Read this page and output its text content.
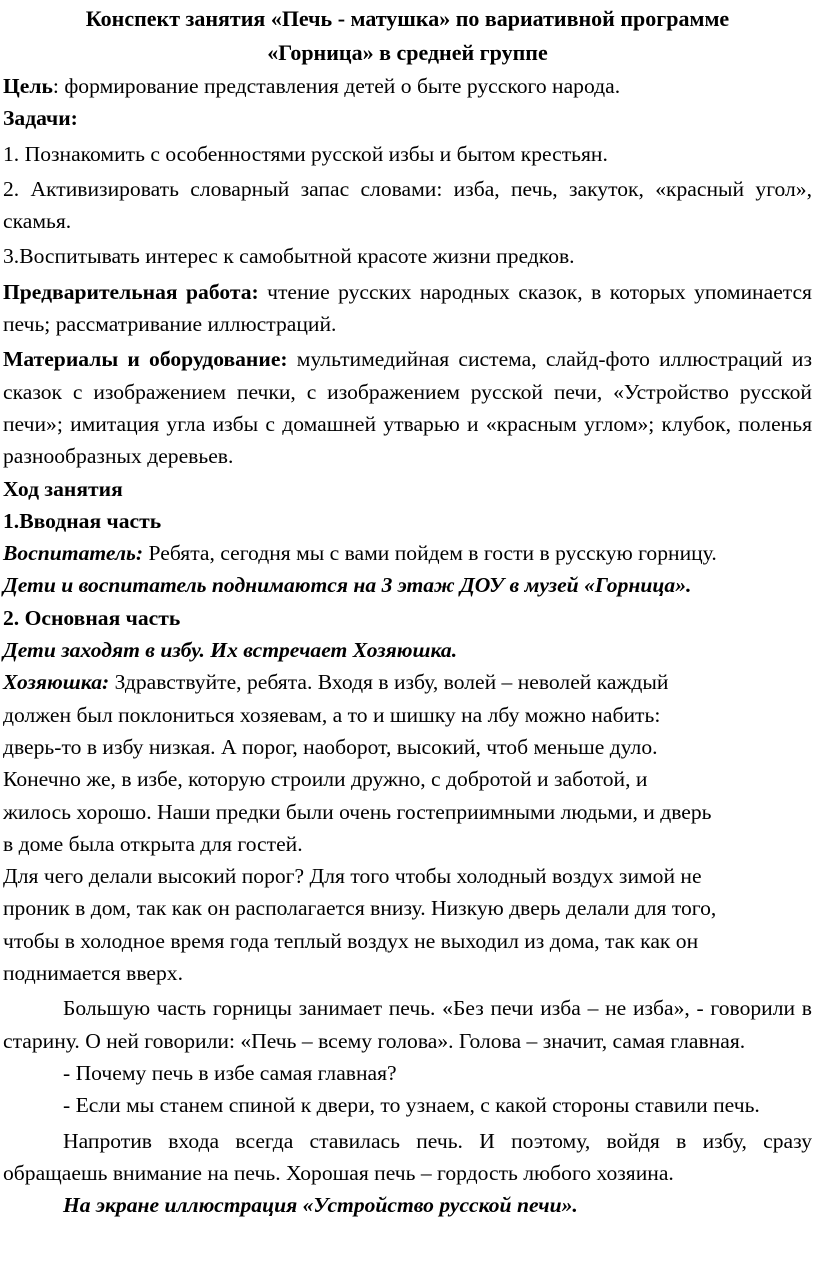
Конспект занятия «Печь - матушка» по вариативной программе

«Горница» в средней группе

Цель: формирование представления детей о быте русского народа.

Задачи:

1. Познакомить с особенностями русской избы и бытом крестьян.

2. Активизировать словарный запас словами: изба, печь, закуток, «красный угол», скамья.

3.Воспитывать интерес к самобытной красоте жизни предков.

Предварительная работа: чтение русских народных сказок, в которых упоминается печь; рассматривание иллюстраций.

Материалы и оборудование: мультимедийная система, слайд-фото иллюстраций из сказок с изображением печки, с изображением русской печи, «Устройство русской печи»; имитация угла избы с домашней утварью и «красным углом»; клубок, поленья разнообразных деревьев.

Ход занятия

1.Вводная часть

Воспитатель: Ребята, сегодня мы с вами пойдем в гости в русскую горницу.

Дети и воспитатель поднимаются на 3 этаж ДОУ в музей «Горница».

2. Основная часть

Дети заходят в избу. Их встречает Хозяюшка.

Хозяюшка: Здравствуйте, ребята. Входя в избу, волей – неволей каждый

должен был поклониться хозяевам, а то и шишку на лбу можно набить:

дверь-то в избу низкая. А порог, наоборот, высокий, чтоб меньше дуло.

Конечно же, в избе, которую строили дружно, с добротой и заботой, и

жилось хорошо. Наши предки были очень гостеприимными людьми, и дверь

в доме была открыта для гостей.

Для чего делали высокий порог? Для того чтобы холодный воздух зимой не

проник в дом, так как он располагается внизу. Низкую дверь делали для того,

чтобы в холодное время года теплый воздух не выходил из дома, так как он

поднимается вверх.

Большую часть горницы занимает печь. «Без печи изба – не изба», - говорили в старину. О ней говорили: «Печь – всему голова». Голова – значит, самая главная.

- Почему печь в избе самая главная?

- Если мы станем спиной к двери, то узнаем, с какой стороны ставили печь.

Напротив входа всегда ставилась печь. И поэтому, войдя в избу, сразу обращаешь внимание на печь. Хорошая печь – гордость любого хозяина.

На экране иллюстрация «Устройство русской печи».
